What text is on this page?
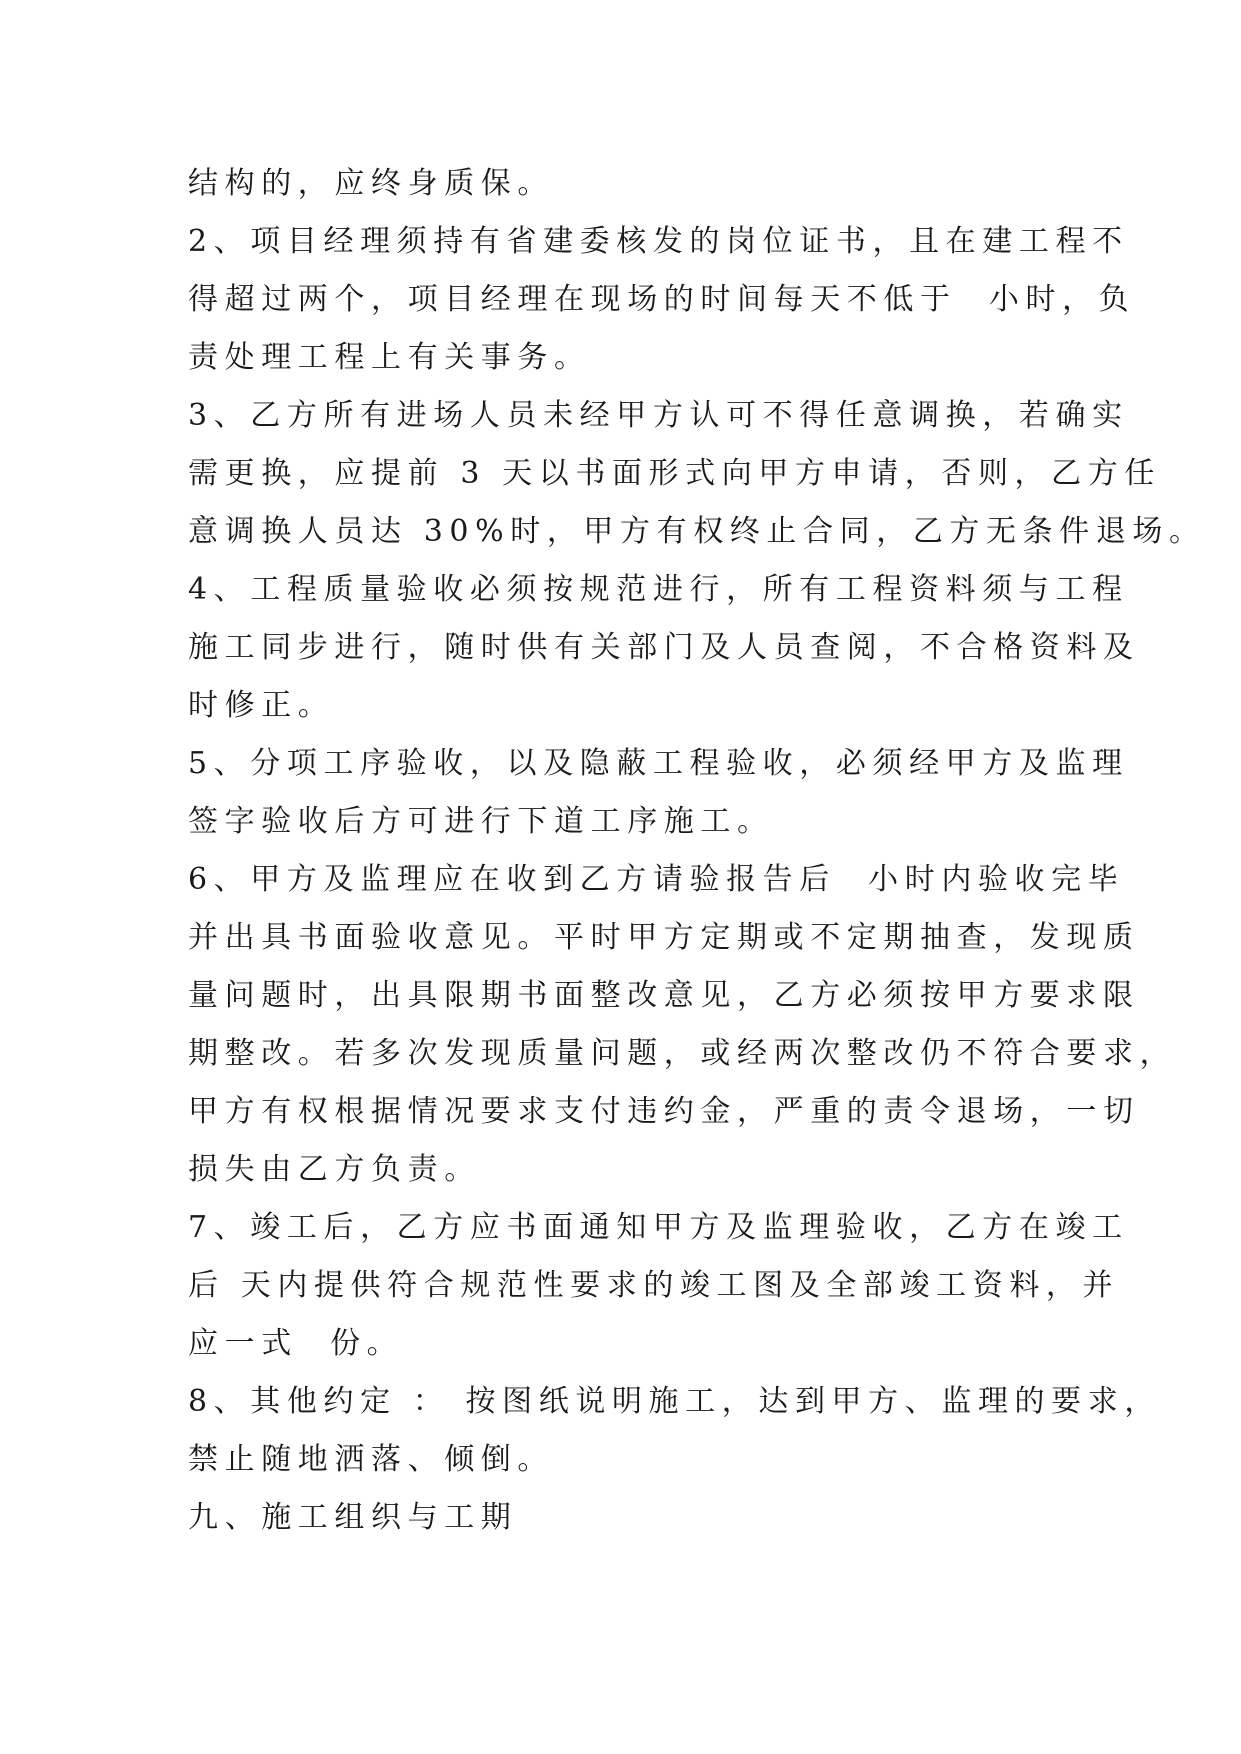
结构的，应终身质保。
2、项目经理须持有省建委核发的岗位证书，且在建工程不
得超过两个，项目经理在现场的时间每天不低于  小时，负
责处理工程上有关事务。
3、乙方所有进场人员未经甲方认可不得任意调换，若确实
需更换，应提前 3 天以书面形式向甲方申请，否则，乙方任
意调换人员达 30%时，甲方有权终止合同，乙方无条件退场。
4、工程质量验收必须按规范进行，所有工程资料须与工程
施工同步进行，随时供有关部门及人员查阅，不合格资料及
时修正。
5、分项工序验收，以及隐蔽工程验收，必须经甲方及监理
签字验收后方可进行下道工序施工。
6、甲方及监理应在收到乙方请验报告后  小时内验收完毕
并出具书面验收意见。平时甲方定期或不定期抽查，发现质
量问题时，出具限期书面整改意见，乙方必须按甲方要求限
期整改。若多次发现质量问题，或经两次整改仍不符合要求，
甲方有权根据情况要求支付违约金，严重的责令退场，一切
损失由乙方负责。
7、竣工后，乙方应书面通知甲方及监理验收，乙方在竣工
后 天内提供符合规范性要求的竣工图及全部竣工资料，并
应一式  份。
8、其他约定 ： 按图纸说明施工，达到甲方、监理的要求，
禁止随地洒落、倾倒。
九、施工组织与工期
